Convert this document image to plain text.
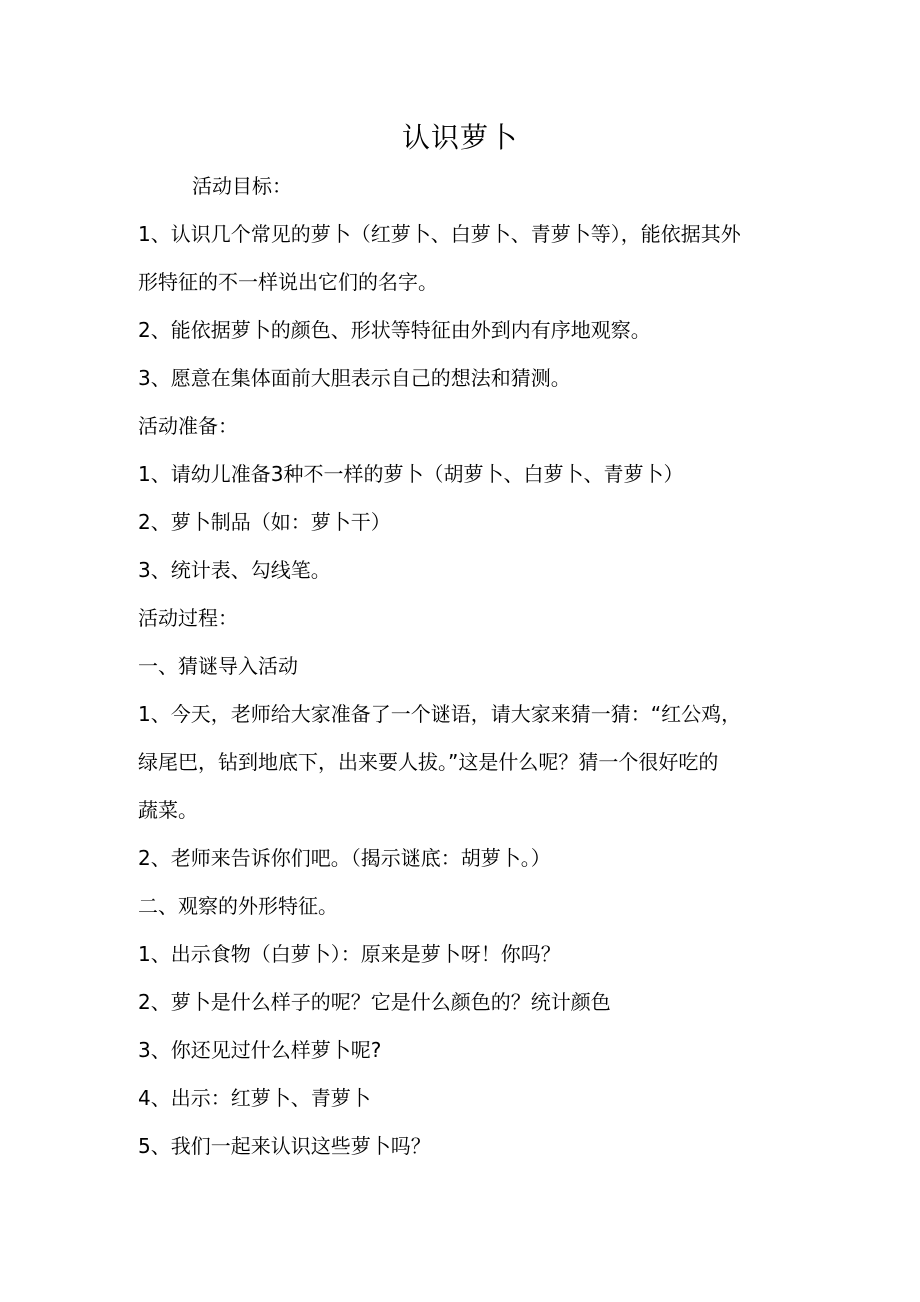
认识萝卜
活动目标：
1、认识几个常见的萝卜（红萝卜、白萝卜、青萝卜等），能依据其外
形特征的不一样说出它们的名字。
2、能依据萝卜的颜色、形状等特征由外到内有序地观察。
3、愿意在集体面前大胆表示自己的想法和猜测。
活动准备：
1、请幼儿准备3种不一样的萝卜（胡萝卜、白萝卜、青萝卜）
2、萝卜制品（如：萝卜干）
3、统计表、勾线笔。
活动过程：
一、猜谜导入活动
1、今天，老师给大家准备了一个谜语，请大家来猜一猜：“红公鸡，
绿尾巴，钻到地底下，出来要人拔。”这是什么呢？猜一个很好吃的
蔬菜。
2、老师来告诉你们吧。（揭示谜底：胡萝卜。）
二、观察的外形特征。
1、出示食物（白萝卜）：原来是萝卜呀！你吗？
2、萝卜是什么样子的呢？它是什么颜色的？统计颜色
3、你还见过什么样萝卜呢?
4、出示：红萝卜、青萝卜
5、我们一起来认识这些萝卜吗？
